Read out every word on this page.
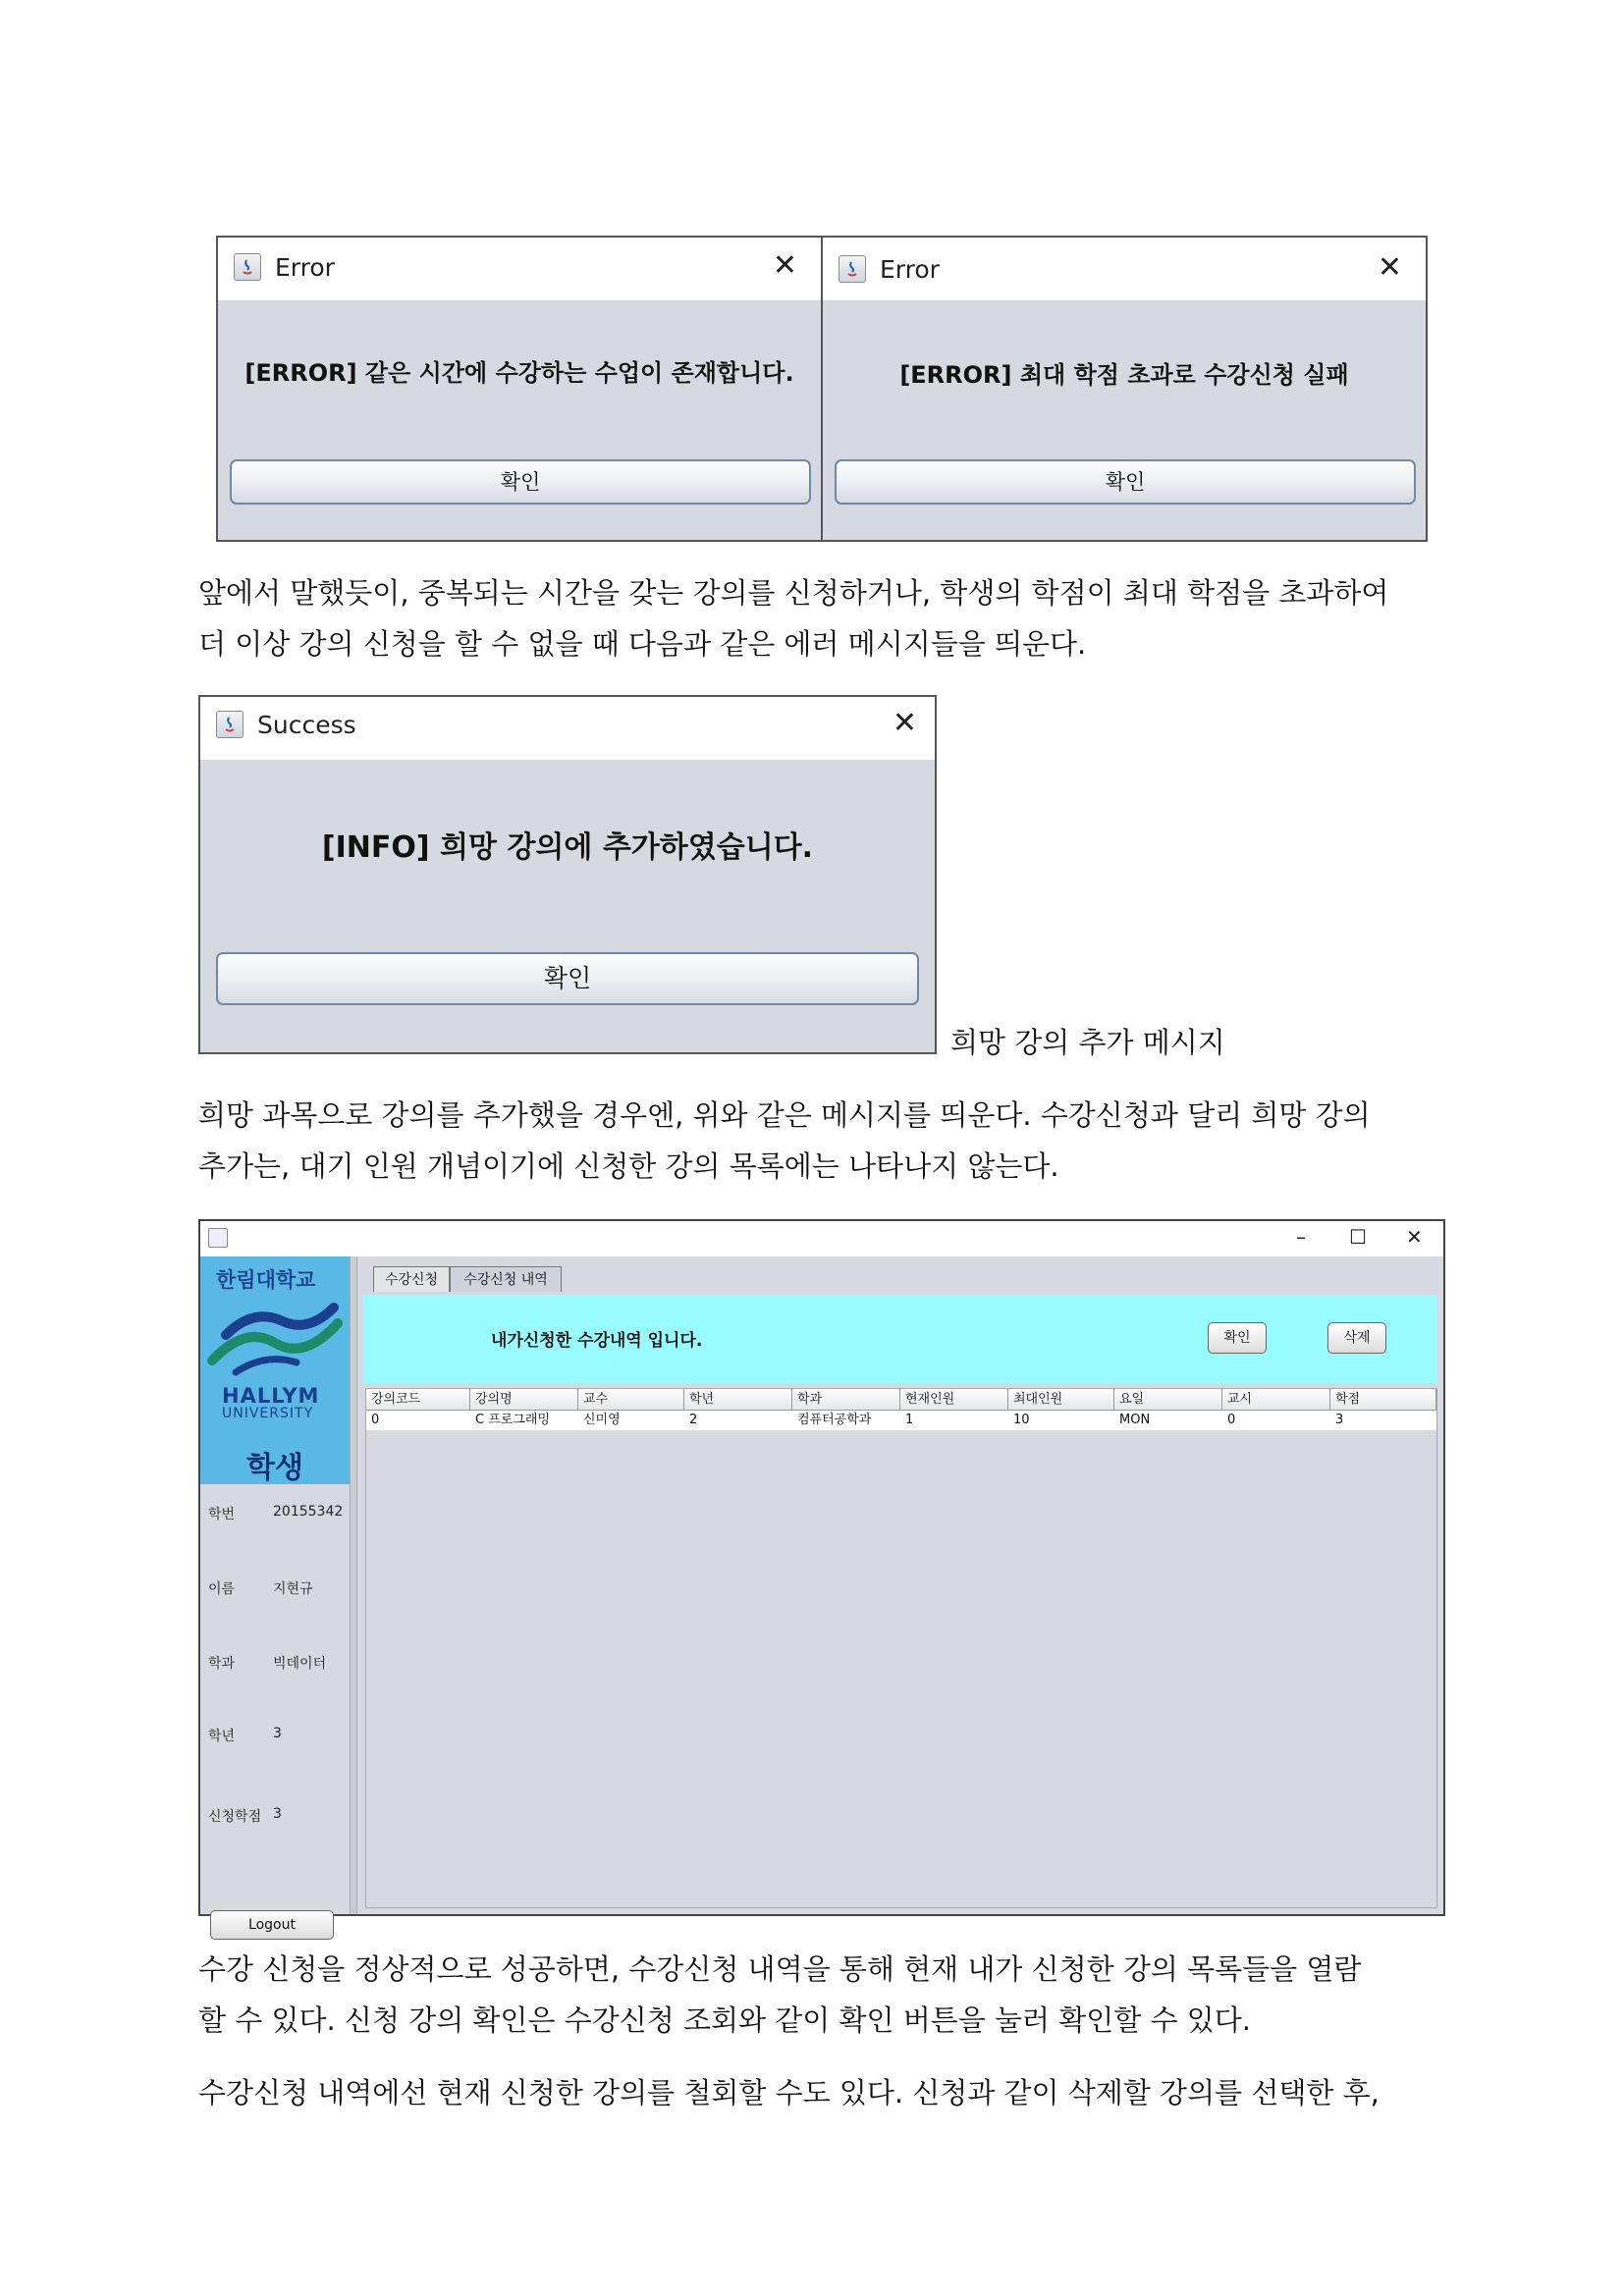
Error	✕
[ERROR] 같은 시간에 수강하는 수업이 존재합니다.
확인
Error	✕
[ERROR] 최대 학점 초과로 수강신청 실패
확인
앞에서 말했듯이, 중복되는 시간을 갖는 강의를 신청하거나, 학생의 학점이 최대 학점을 초과하여
더 이상 강의 신청을 할 수 없을 때 다음과 같은 에러 메시지들을 띄운다.
Success	✕
[INFO] 희망 강의에 추가하였습니다.
확인
희망 강의 추가 메시지
희망 과목으로 강의를 추가했을 경우엔, 위와 같은 메시지를 띄운다. 수강신청과 달리 희망 강의
추가는, 대기 인원 개념이기에 신청한 강의 목록에는 나타나지 않는다.
– ☐ ✕
한림대학교
HALLYM
UNIVERSITY
학생
학번	20155342
이름	지현규
학과	빅데이터
학년	3
신청학점 3
Logout
수강신청	수강신청 내역
내가신청한 수강내역 입니다.	확인	삭제
강의코드	강의명	교수	학년	학과	현재인원	최대인원	요일	교시	학점
0	C 프로그래밍	신미영	2	컴퓨터공학과	1	10	MON	0	3
수강 신청을 정상적으로 성공하면, 수강신청 내역을 통해 현재 내가 신청한 강의 목록들을 열람
할 수 있다. 신청 강의 확인은 수강신청 조회와 같이 확인 버튼을 눌러 확인할 수 있다.
수강신청 내역에선 현재 신청한 강의를 철회할 수도 있다. 신청과 같이 삭제할 강의를 선택한 후,
